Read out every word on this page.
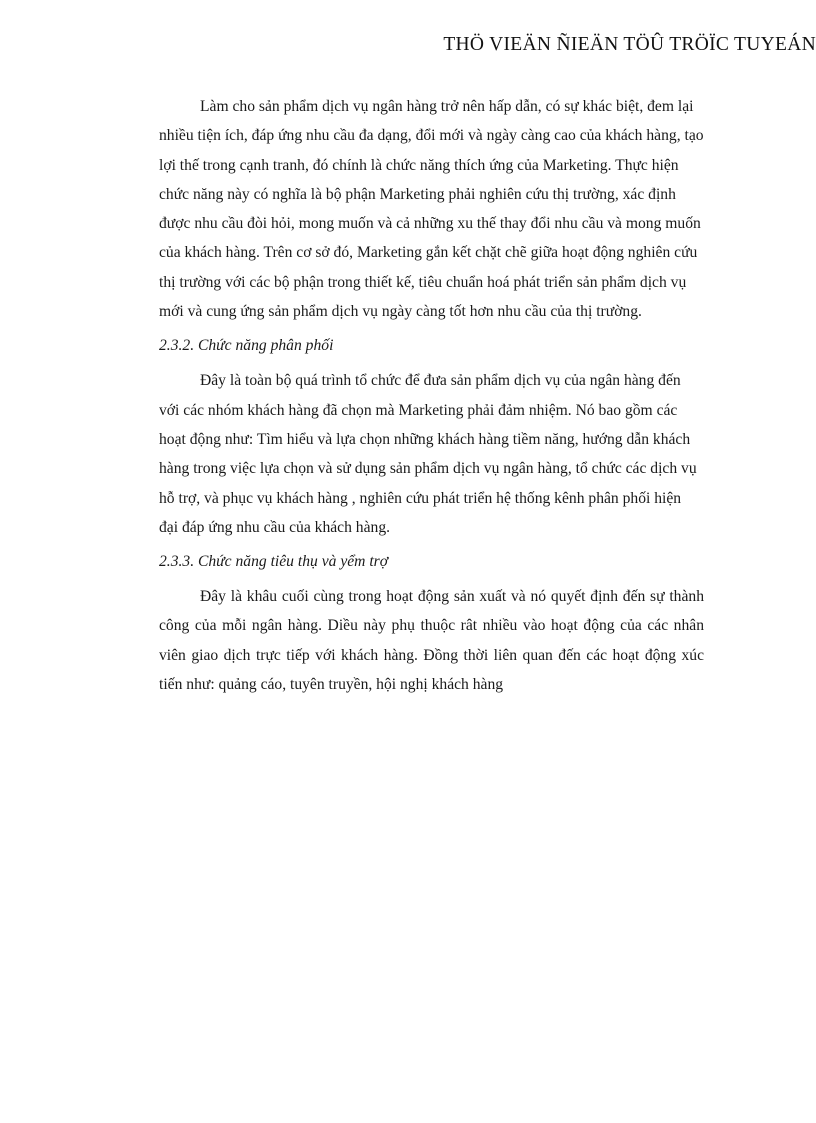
THÖ VIEÄN ÑIEÄN TÖÛ TRÖÏC TUYEÁN

Làm cho sản phẩm dịch vụ ngân hàng trở nên hấp dẫn, có sự khác biệt, đem lại nhiều tiện ích, đáp ứng nhu cầu đa dạng, đổi mới và ngày càng cao của khách hàng, tạo lợi thế trong cạnh tranh, đó chính là chức năng thích ứng của Marketing. Thực hiện chức năng này có nghĩa là bộ phận Marketing phải nghiên cứu thị trường, xác định được nhu cầu đòi hỏi, mong muốn và cả những xu thế thay đổi nhu cầu và mong muốn của khách hàng. Trên cơ sở đó, Marketing gắn kết chặt chẽ giữa hoạt động nghiên cứu thị trường với các bộ phận trong thiết kế, tiêu chuẩn hoá phát triển sản phẩm dịch vụ mới và cung ứng sản phẩm dịch vụ ngày càng tốt hơn nhu cầu của thị trường.

2.3.2. Chức năng phân phối

Đây là toàn bộ quá trình tổ chức để đưa sản phẩm dịch vụ của ngân hàng đến với các nhóm khách hàng đã chọn mà Marketing phải đảm nhiệm. Nó bao gồm các hoạt động như: Tìm hiểu và lựa chọn những khách hàng tiềm năng, hướng dẫn khách hàng trong việc lựa chọn và sử dụng sản phẩm dịch vụ ngân hàng, tổ chức các dịch vụ hỗ trợ, và phục vụ khách hàng , nghiên cứu phát triển hệ thống kênh phân phối hiện đại đáp ứng nhu cầu của khách hàng.

2.3.3. Chức năng tiêu thụ và yểm trợ

Đây là khâu cuối cùng trong hoạt động sản xuất và nó quyết định đến sự thành công của mỗi ngân hàng. Diều này phụ thuộc rât nhiều vào hoạt động của các nhân viên giao dịch trực tiếp với khách hàng. Đồng thời liên quan đến các hoạt động xúc tiến như: quảng cáo, tuyên truyền, hội nghị khách hàng
